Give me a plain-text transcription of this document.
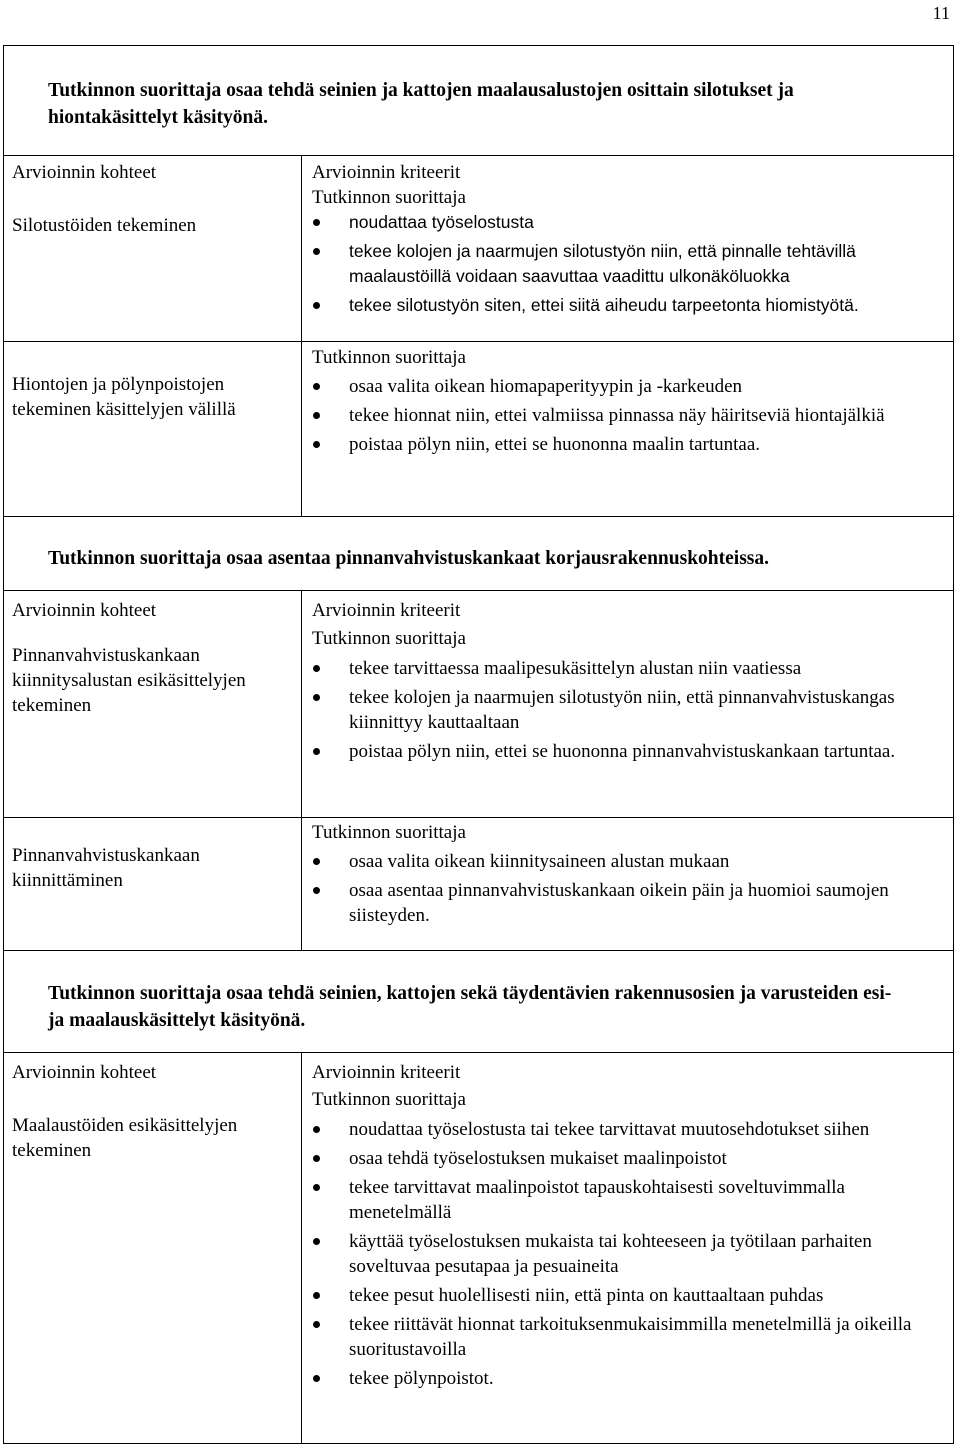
11
Tutkinnon suorittaja osaa tehdä seinien ja kattojen maalausalustojen osittain silotukset ja hiontakäsittelyt käsityönä.
Arvioinnin kohteet
Silotustöiden tekeminen
Arvioinnin kriteerit
Tutkinnon suorittaja
noudattaa työselostusta
tekee kolojen ja naarmujen silotustyön niin, että pinnalle tehtävillä maalaustöillä voidaan saavuttaa vaadittu ulkonäköluokka
tekee silotustyön siten, ettei siitä aiheudu tarpeetonta hiomistyötä.
Hiontojen ja pölynpoistojen tekeminen käsittelyjen välillä
Tutkinnon suorittaja
osaa valita oikean hiomapaperityypin ja -karkeuden
tekee hionnat niin, ettei valmiissa pinnassa näy häiritseviä hiontajälkiä
poistaa pölyn niin, ettei se huononna maalin tartuntaa.
Tutkinnon suorittaja osaa asentaa pinnanvahvistuskankaat korjausrakennuskohteissa.
Arvioinnin kohteet
Pinnanvahvistuskankaan kiinnitysalustan esikäsittelyjen tekeminen
Arvioinnin kriteerit
Tutkinnon suorittaja
tekee tarvittaessa maalipesukäsittelyn alustan niin vaatiessa
tekee kolojen ja naarmujen silotustyön niin, että pinnanvahvistuskangas kiinnittyy kauttaaltaan
poistaa pölyn niin, ettei se huononna pinnanvahvistuskankaan tartuntaa.
Pinnanvahvistuskankaan kiinnittäminen
Tutkinnon suorittaja
osaa valita oikean kiinnitysaineen alustan mukaan
osaa asentaa pinnanvahvistuskankaan oikein päin ja huomioi saumojen siisteyden.
Tutkinnon suorittaja osaa tehdä seinien, kattojen sekä täydentävien rakennusosien ja varusteiden esi- ja maalauskäsittelyt käsityönä.
Arvioinnin kohteet
Maalaustöiden esikäsittelyjen tekeminen
Arvioinnin kriteerit
Tutkinnon suorittaja
noudattaa työselostusta tai tekee tarvittavat muutosehdotukset siihen
osaa tehdä työselostuksen mukaiset maalinpoistot
tekee tarvittavat maalinpoistot tapauskohtaisesti soveltuvimmalla menetelmällä
käyttää työselostuksen mukaista tai kohteeseen ja työtilaan parhaiten soveltuvaa pesutapaa ja pesuaineita
tekee pesut huolellisesti niin, että pinta on kauttaaltaan puhdas
tekee riittävät hionnat tarkoituksenmukaisimmilla menetelmillä ja oikeilla suoritustavoilla
tekee pölynpoistot.
